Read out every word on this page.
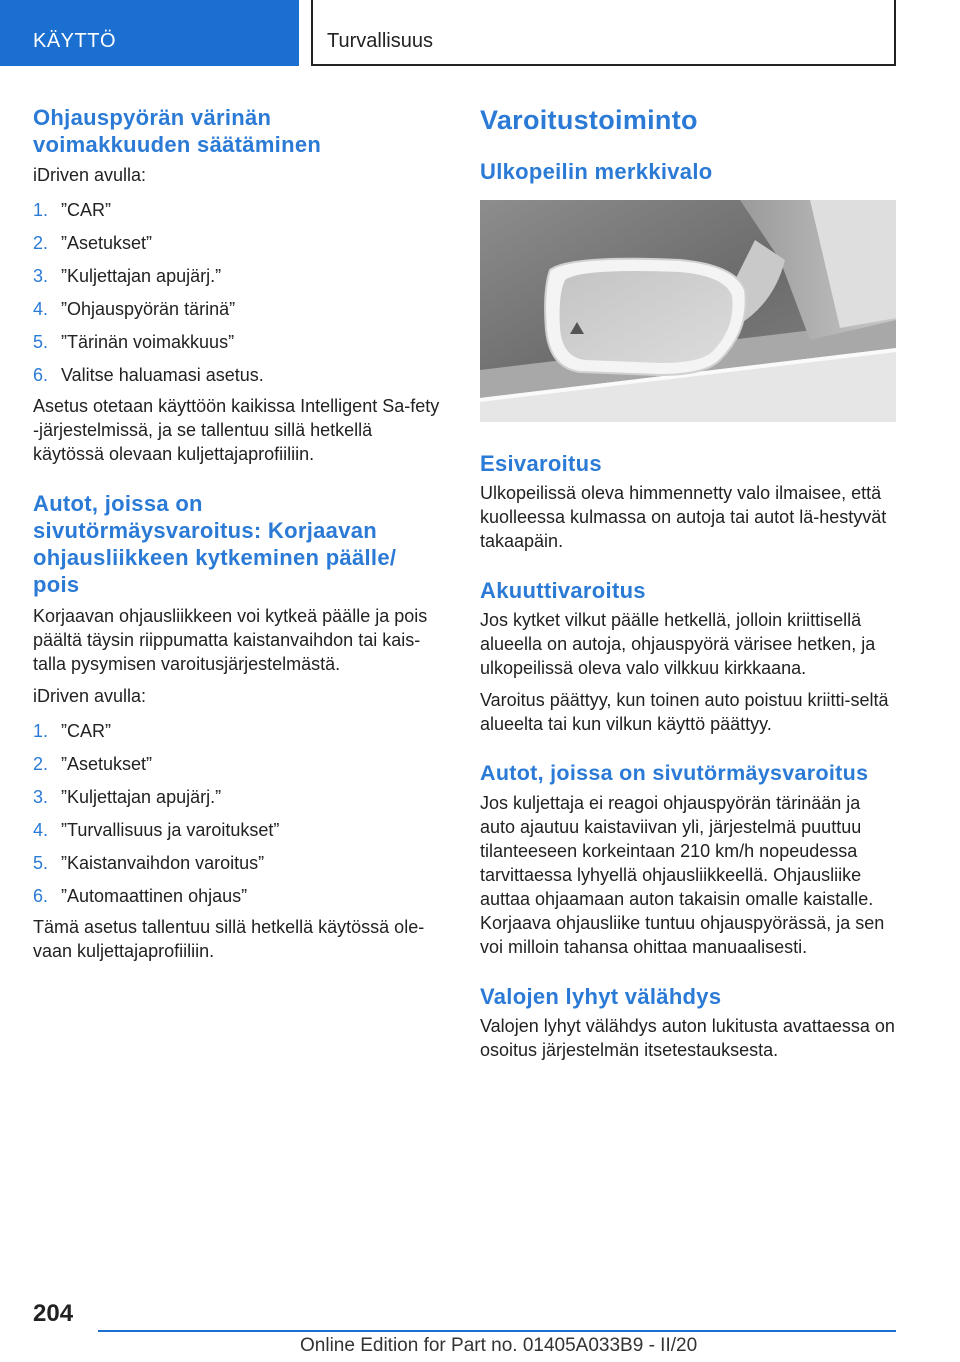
KÄYTTÖ	Turvallisuus
Ohjauspyörän värinän voimakkuuden säätäminen

iDriven avulla:

1. ”CAR”
2. ”Asetukset”
3. ”Kuljettajan apujärj.”
4. ”Ohjauspyörän tärinä”
5. ”Tärinän voimakkuus”
6. Valitse haluamasi asetus.

Asetus otetaan käyttöön kaikissa Intelligent Sa-fety -järjestelmissä, ja se tallentuu sillä hetkellä käytössä olevaan kuljettajaprofiiliin.

Autot, joissa on sivutörmäysvaroitus: Korjaavan ohjausliikkeen kytkeminen päälle/ pois

Korjaavan ohjausliikkeen voi kytkeä päälle ja pois päältä täysin riippumatta kaistanvaihdon tai kais-talla pysymisen varoitusjärjestelmästä.

iDriven avulla:

1. ”CAR”
2. ”Asetukset”
3. ”Kuljettajan apujärj.”
4. ”Turvallisuus ja varoitukset”
5. ”Kaistanvaihdon varoitus”
6. ”Automaattinen ohjaus”

Tämä asetus tallentuu sillä hetkellä käytössä ole-vaan kuljettajaprofiiliin.

Varoitustoiminto
Ulkopeilin merkkivalo
Esivaroitus

Ulkopeilissä oleva himmennetty valo ilmaisee, että kuolleessa kulmassa on autoja tai autot lä-hestyvät takaapäin.

Akuuttivaroitus

Jos kytket vilkut päälle hetkellä, jolloin kriittisellä alueella on autoja, ohjauspyörä värisee hetken, ja ulkopeilissä oleva valo vilkkuu kirkkaana.

Varoitus päättyy, kun toinen auto poistuu kriitti-seltä alueelta tai kun vilkun käyttö päättyy.

Autot, joissa on sivutörmäysvaroitus

Jos kuljettaja ei reagoi ohjauspyörän tärinään ja auto ajautuu kaistaviivan yli, järjestelmä puuttuu tilanteeseen korkeintaan 210 km/h nopeudessa tarvittaessa lyhyellä ohjausliikkeellä. Ohjausliike auttaa ohjaamaan auton takaisin omalle kaistalle. Korjaava ohjausliike tuntuu ohjauspyörässä, ja sen voi milloin tahansa ohittaa manuaalisesti.

Valojen lyhyt välähdys

Valojen lyhyt välähdys auton lukitusta avattaessa on osoitus järjestelmän itsetestauksesta.

204
Online Edition for Part no. 01405A033B9 - II/20
